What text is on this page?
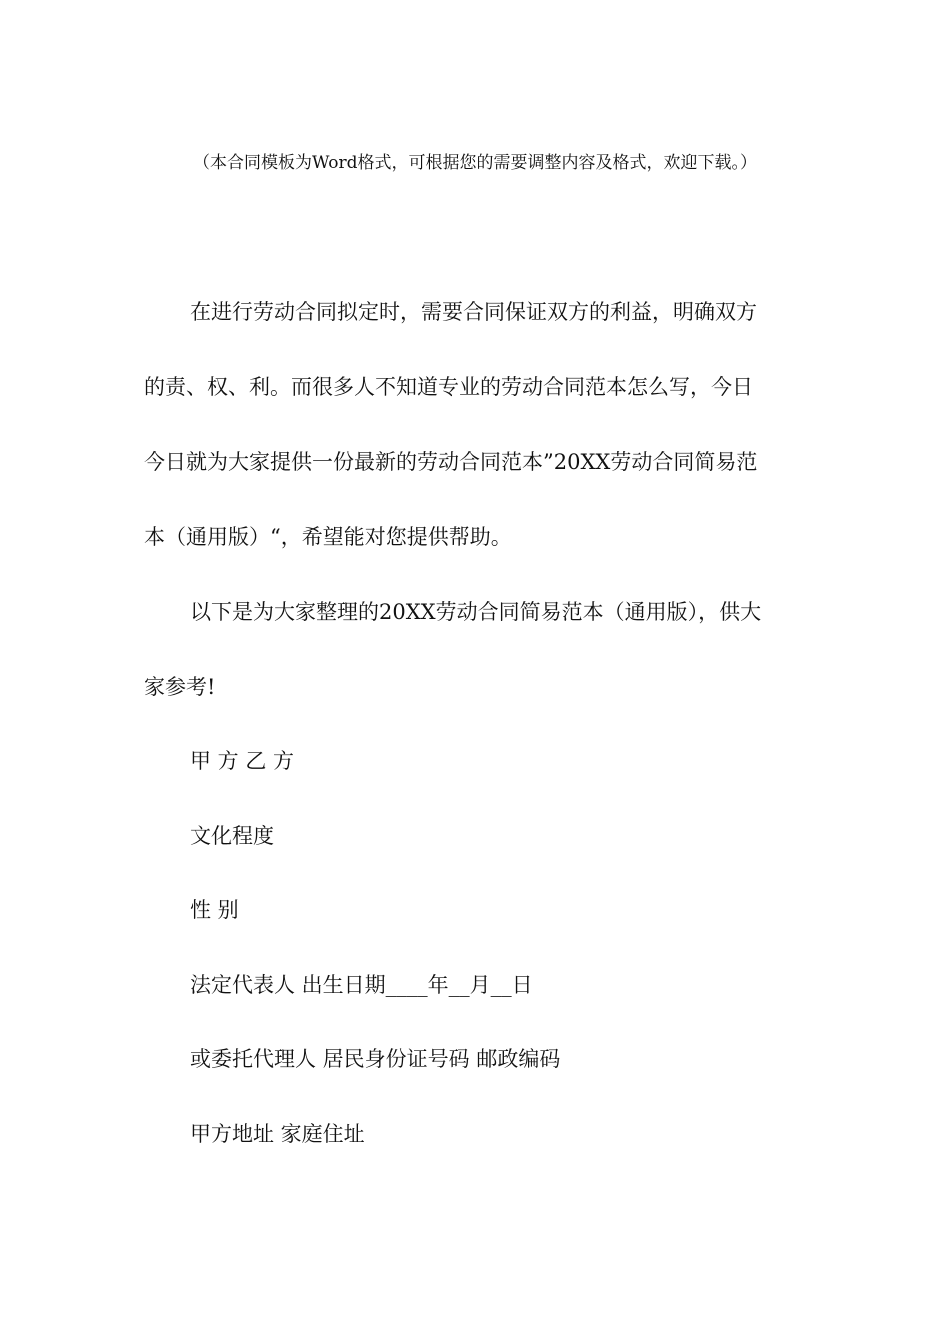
（本合同模板为Word格式，可根据您的需要调整内容及格式，欢迎下载。）
在进行劳动合同拟定时，需要合同保证双方的利益，明确双方
的责、权、利。而很多人不知道专业的劳动合同范本怎么写，今日
今日就为大家提供一份最新的劳动合同范本”20XX劳动合同简易范
本（通用版）“，希望能对您提供帮助。
以下是为大家整理的20XX劳动合同简易范本（通用版），供大
家参考!
甲 方 乙 方
文化程度
性 别
法定代表人 出生日期____年__月__日
或委托代理人 居民身份证号码 邮政编码
甲方地址 家庭住址
